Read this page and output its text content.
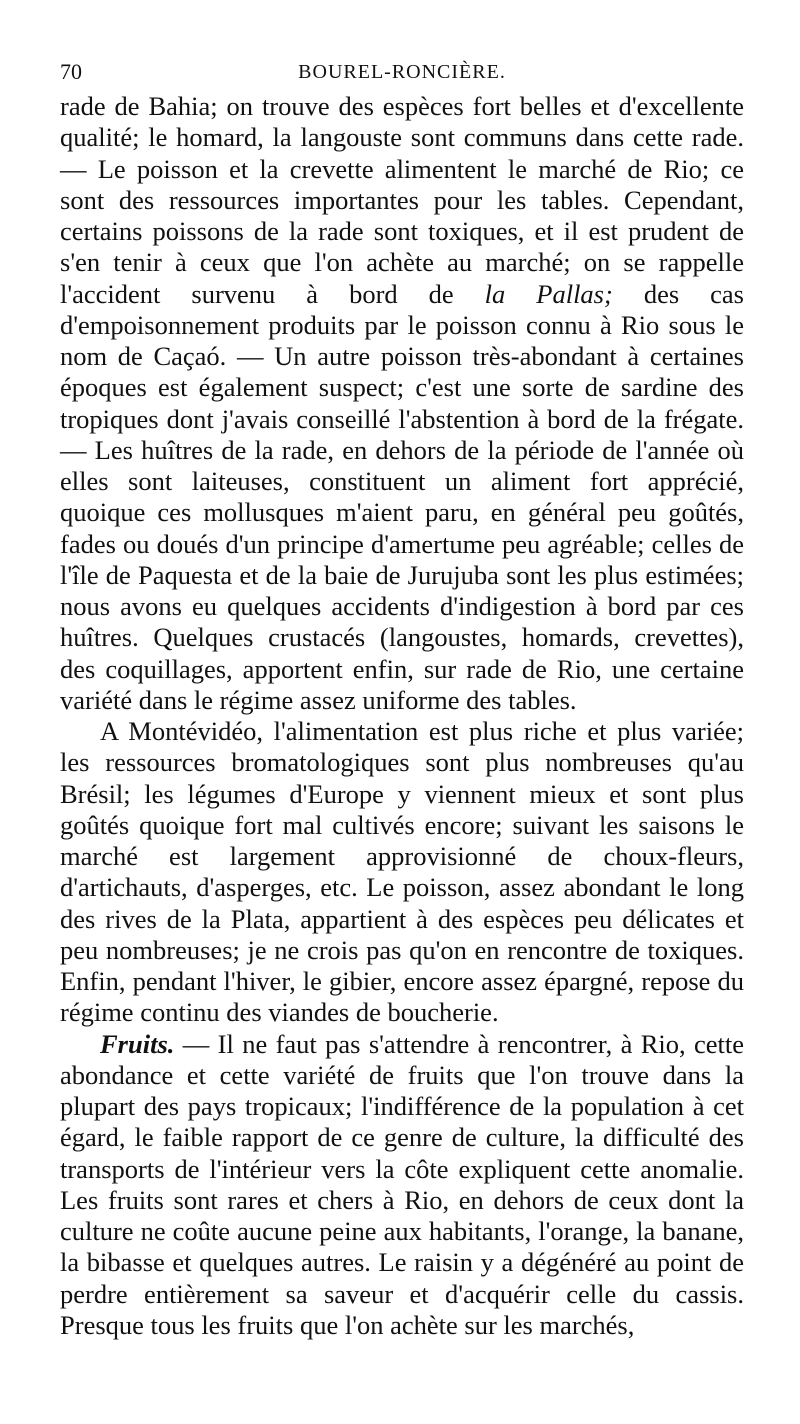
70	BOUREL-RONCIÈRE.

rade de Bahia; on trouve des espèces fort belles et d'excellente qualité; le homard, la langouste sont communs dans cette rade. — Le poisson et la crevette alimentent le marché de Rio; ce sont des ressources importantes pour les tables. Cependant, certains poissons de la rade sont toxiques, et il est prudent de s'en tenir à ceux que l'on achète au marché; on se rappelle l'accident survenu à bord de la Pallas; des cas d'empoisonnement produits par le poisson connu à Rio sous le nom de Caçaó. — Un autre poisson très-abondant à certaines époques est également suspect; c'est une sorte de sardine des tropiques dont j'avais conseillé l'abstention à bord de la frégate. — Les huîtres de la rade, en dehors de la période de l'année où elles sont laiteuses, constituent un aliment fort apprécié, quoique ces mollusques m'aient paru, en général peu goûtés, fades ou doués d'un principe d'amertume peu agréable; celles de l'île de Paquesta et de la baie de Jurujuba sont les plus estimées; nous avons eu quelques accidents d'indigestion à bord par ces huîtres. Quelques crustacés (langoustes, homards, crevettes), des coquillages, apportent enfin, sur rade de Rio, une certaine variété dans le régime assez uniforme des tables.

A Montévidéo, l'alimentation est plus riche et plus variée; les ressources bromatologiques sont plus nombreuses qu'au Brésil; les légumes d'Europe y viennent mieux et sont plus goûtés quoique fort mal cultivés encore; suivant les saisons le marché est largement approvisionné de choux-fleurs, d'artichauts, d'asperges, etc. Le poisson, assez abondant le long des rives de la Plata, appartient à des espèces peu délicates et peu nombreuses; je ne crois pas qu'on en rencontre de toxiques. Enfin, pendant l'hiver, le gibier, encore assez épargné, repose du régime continu des viandes de boucherie.

Fruits. — Il ne faut pas s'attendre à rencontrer, à Rio, cette abondance et cette variété de fruits que l'on trouve dans la plupart des pays tropicaux; l'indifférence de la population à cet égard, le faible rapport de ce genre de culture, la difficulté des transports de l'intérieur vers la côte expliquent cette anomalie. Les fruits sont rares et chers à Rio, en dehors de ceux dont la culture ne coûte aucune peine aux habitants, l'orange, la banane, la bibasse et quelques autres. Le raisin y a dégénéré au point de perdre entièrement sa saveur et d'acquérir celle du cassis. Presque tous les fruits que l'on achète sur les marchés,
